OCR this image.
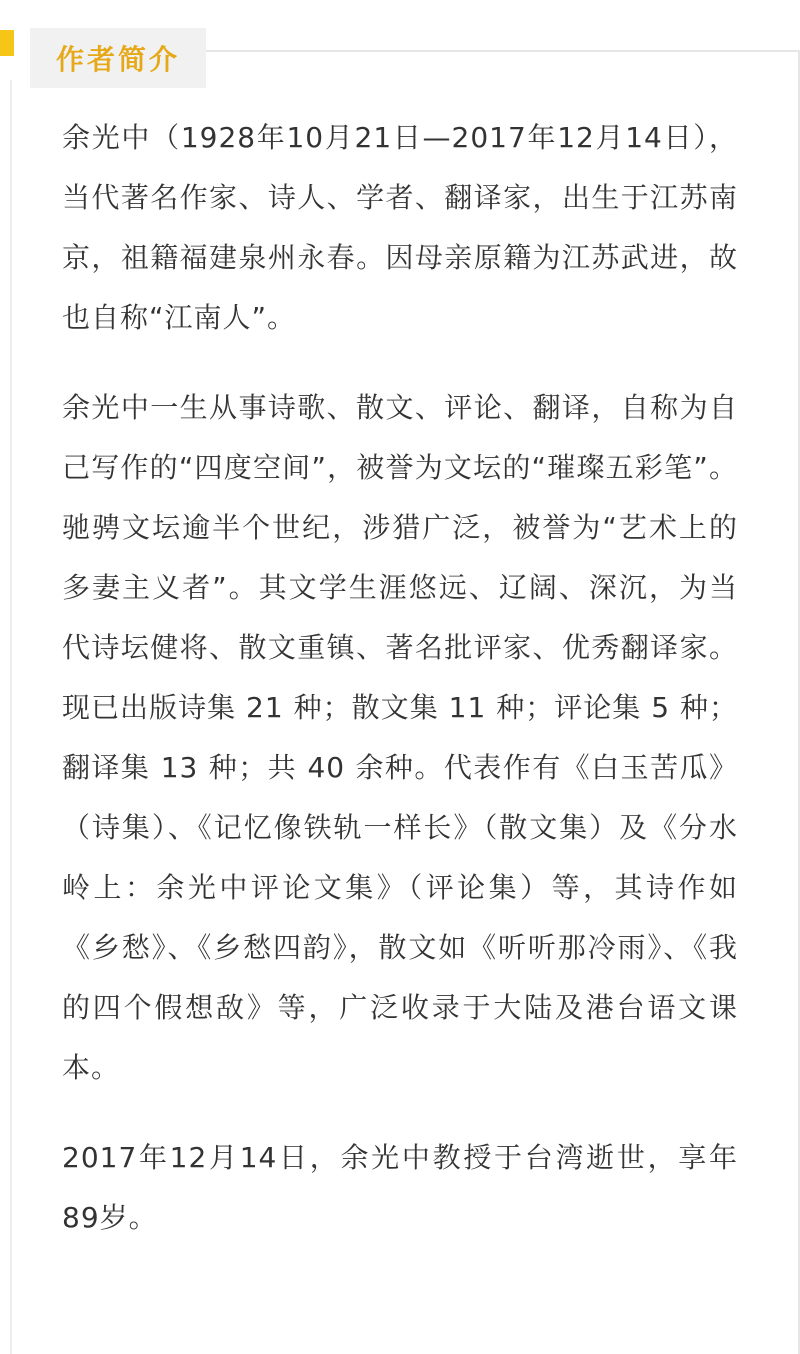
作者简介

余光中（1928年10月21日—2017年12月14日），当代著名作家、诗人、学者、翻译家，出生于江苏南京，祖籍福建泉州永春。因母亲原籍为江苏武进，故也自称“江南人”。

余光中一生从事诗歌、散文、评论、翻译，自称为自己写作的“四度空间”，被誉为文坛的“璀璨五彩笔”。驰骋文坛逾半个世纪，涉猎广泛，被誉为“艺术上的多妻主义者”。其文学生涯悠远、辽阔、深沉，为当代诗坛健将、散文重镇、著名批评家、优秀翻译家。现已出版诗集 21 种；散文集 11 种；评论集 5 种；翻译集 13 种；共 40 余种。代表作有《白玉苦瓜》（诗集）、《记忆像铁轨一样长》（散文集）及《分水岭上：余光中评论文集》（评论集）等，其诗作如《乡愁》、《乡愁四韵》，散文如《听听那冷雨》、《我的四个假想敌》等，广泛收录于大陆及港台语文课本。

2017年12月14日，余光中教授于台湾逝世，享年89岁。
